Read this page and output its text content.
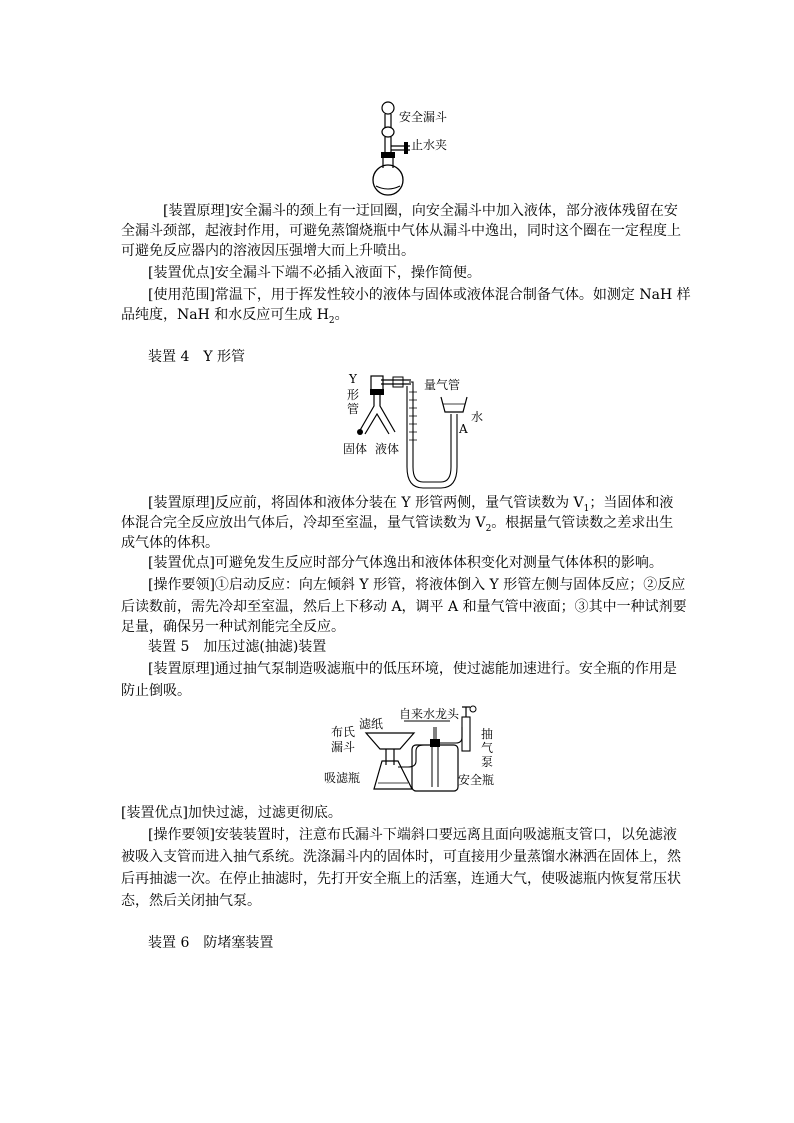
安全漏斗
止水夹
[装置原理]安全漏斗的颈上有一迂回圈，向安全漏斗中加入液体，部分液体残留在安
全漏斗颈部，起液封作用，可避免蒸馏烧瓶中气体从漏斗中逸出，同时这个圈在一定程度上
可避免反应器内的溶液因压强增大而上升喷出。
[装置优点]安全漏斗下端不必插入液面下，操作简便。
[使用范围]常温下，用于挥发性较小的液体与固体或液体混合制备气体。如测定 NaH 样
品纯度，NaH 和水反应可生成 $H_2$。
装置 4　Y 形管
Y
形
管
量气管
水
A
固体 液体
[装置原理]反应前，将固体和液体分装在 Y 形管两侧，量气管读数为 $V_1$；当固体和液
体混合完全反应放出气体后，冷却至室温，量气管读数为 $V_2$。根据量气管读数之差求出生
成气体的体积。
[装置优点]可避免发生反应时部分气体逸出和液体体积变化对测量气体体积的影响。
[操作要领]①启动反应：向左倾斜 Y 形管，将液体倒入 Y 形管左侧与固体反应；②反应
后读数前，需先冷却至室温，然后上下移动 A，调平 A 和量气管中液面；③其中一种试剂要
足量，确保另一种试剂能完全反应。
装置 5　加压过滤(抽滤)装置
[装置原理]通过抽气泵制造吸滤瓶中的低压环境，使过滤能加速进行。安全瓶的作用是
防止倒吸。
自来水龙头
滤纸
布氏
漏斗
吸滤瓶	安全瓶
抽
气
泵
[装置优点]加快过滤，过滤更彻底。
[操作要领]安装装置时，注意布氏漏斗下端斜口要远离且面向吸滤瓶支管口，以免滤液
被吸入支管而进入抽气系统。洗涤漏斗内的固体时，可直接用少量蒸馏水淋洒在固体上，然
后再抽滤一次。在停止抽滤时，先打开安全瓶上的活塞，连通大气，使吸滤瓶内恢复常压状
态，然后关闭抽气泵。
装置 6　防堵塞装置
